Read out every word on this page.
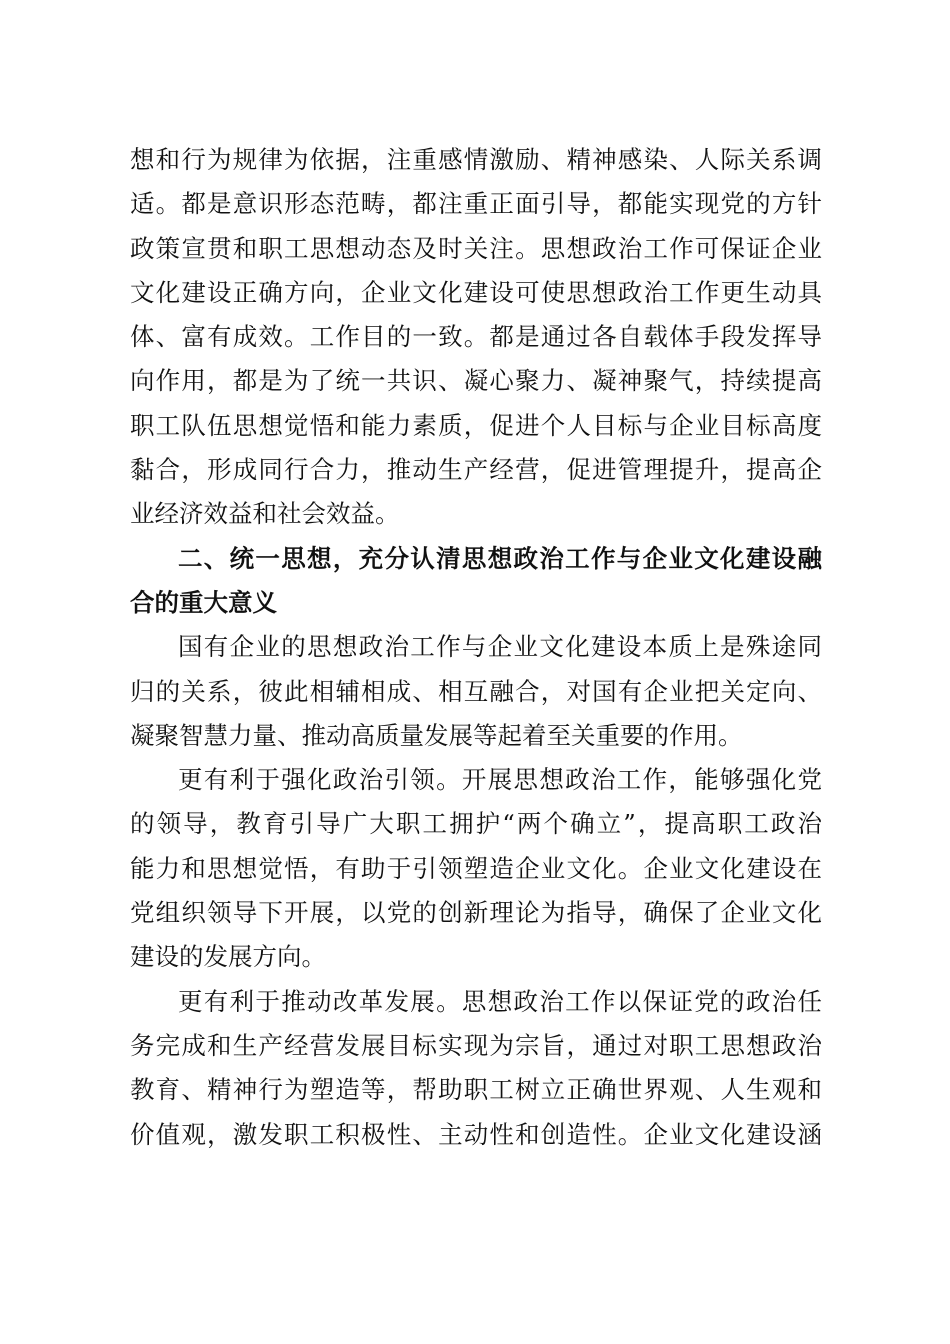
想和行为规律为依据，注重感情激励、精神感染、人际关系调
适。都是意识形态范畴，都注重正面引导，都能实现党的方针
政策宣贯和职工思想动态及时关注。思想政治工作可保证企业
文化建设正确方向，企业文化建设可使思想政治工作更生动具
体、富有成效。工作目的一致。都是通过各自载体手段发挥导
向作用，都是为了统一共识、凝心聚力、凝神聚气，持续提高
职工队伍思想觉悟和能力素质，促进个人目标与企业目标高度
黏合，形成同行合力，推动生产经营，促进管理提升，提高企
业经济效益和社会效益。
二、统一思想，充分认清思想政治工作与企业文化建设融
合的重大意义
国有企业的思想政治工作与企业文化建设本质上是殊途同
归的关系，彼此相辅相成、相互融合，对国有企业把关定向、
凝聚智慧力量、推动高质量发展等起着至关重要的作用。
更有利于强化政治引领。开展思想政治工作，能够强化党
的领导，教育引导广大职工拥护“两个确立”，提高职工政治
能力和思想觉悟，有助于引领塑造企业文化。企业文化建设在
党组织领导下开展，以党的创新理论为指导，确保了企业文化
建设的发展方向。
更有利于推动改革发展。思想政治工作以保证党的政治任
务完成和生产经营发展目标实现为宗旨，通过对职工思想政治
教育、精神行为塑造等，帮助职工树立正确世界观、人生观和
价值观，激发职工积极性、主动性和创造性。企业文化建设涵
